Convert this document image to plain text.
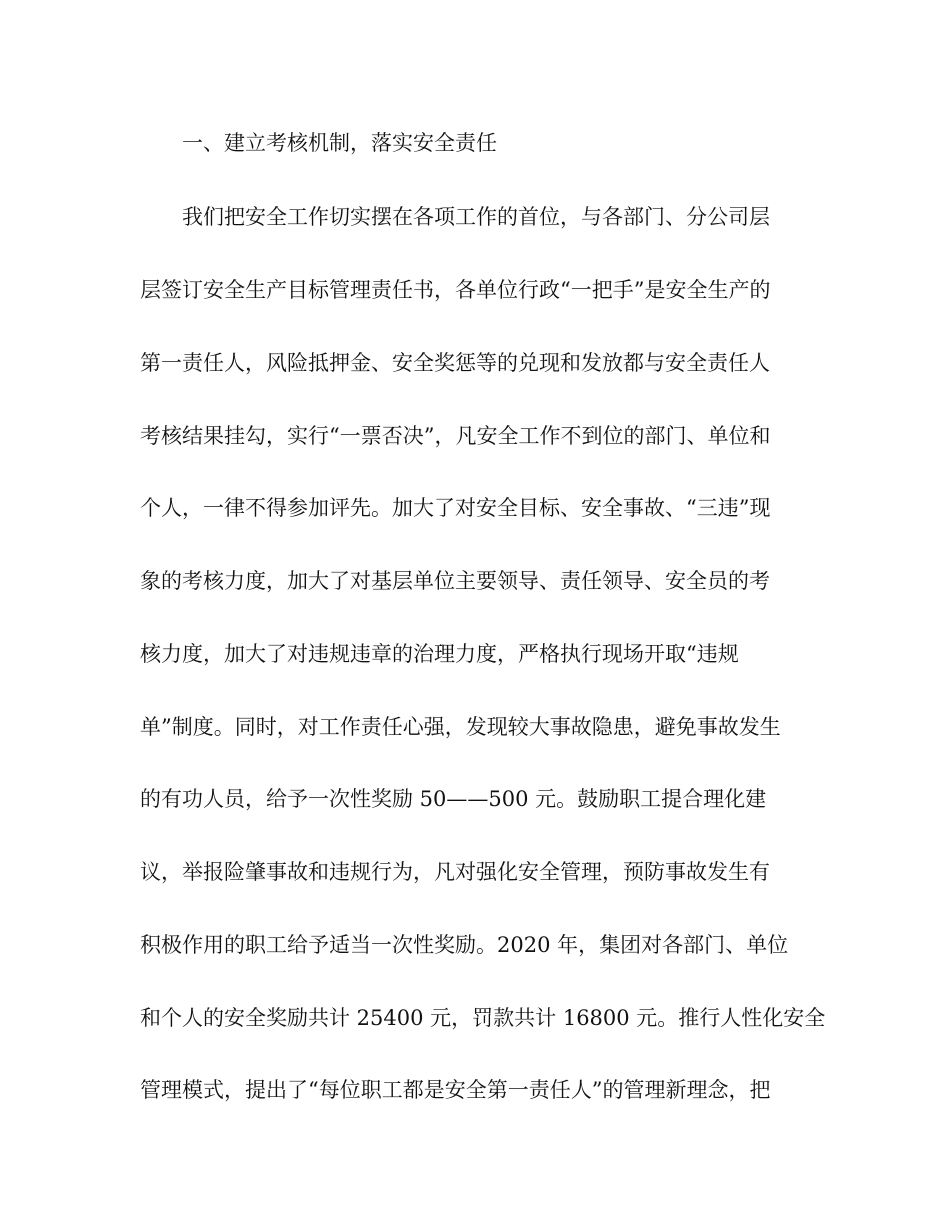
一、建立考核机制，落实安全责任

我们把安全工作切实摆在各项工作的首位，与各部门、分公司层

层签订安全生产目标管理责任书，各单位行政“一把手”是安全生产的

第一责任人，风险抵押金、安全奖惩等的兑现和发放都与安全责任人

考核结果挂勾，实行“一票否决”，凡安全工作不到位的部门、单位和

个人，一律不得参加评先。加大了对安全目标、安全事故、“三违”现

象的考核力度，加大了对基层单位主要领导、责任领导、安全员的考

核力度，加大了对违规违章的治理力度，严格执行现场开取“违规

单”制度。同时，对工作责任心强，发现较大事故隐患，避免事故发生

的有功人员，给予一次性奖励 50——500 元。鼓励职工提合理化建

议，举报险肇事故和违规行为，凡对强化安全管理，预防事故发生有

积极作用的职工给予适当一次性奖励。2020 年，集团对各部门、单位

和个人的安全奖励共计 25400 元，罚款共计 16800 元。推行人性化安全

管理模式，提出了“每位职工都是安全第一责任人”的管理新理念，把
